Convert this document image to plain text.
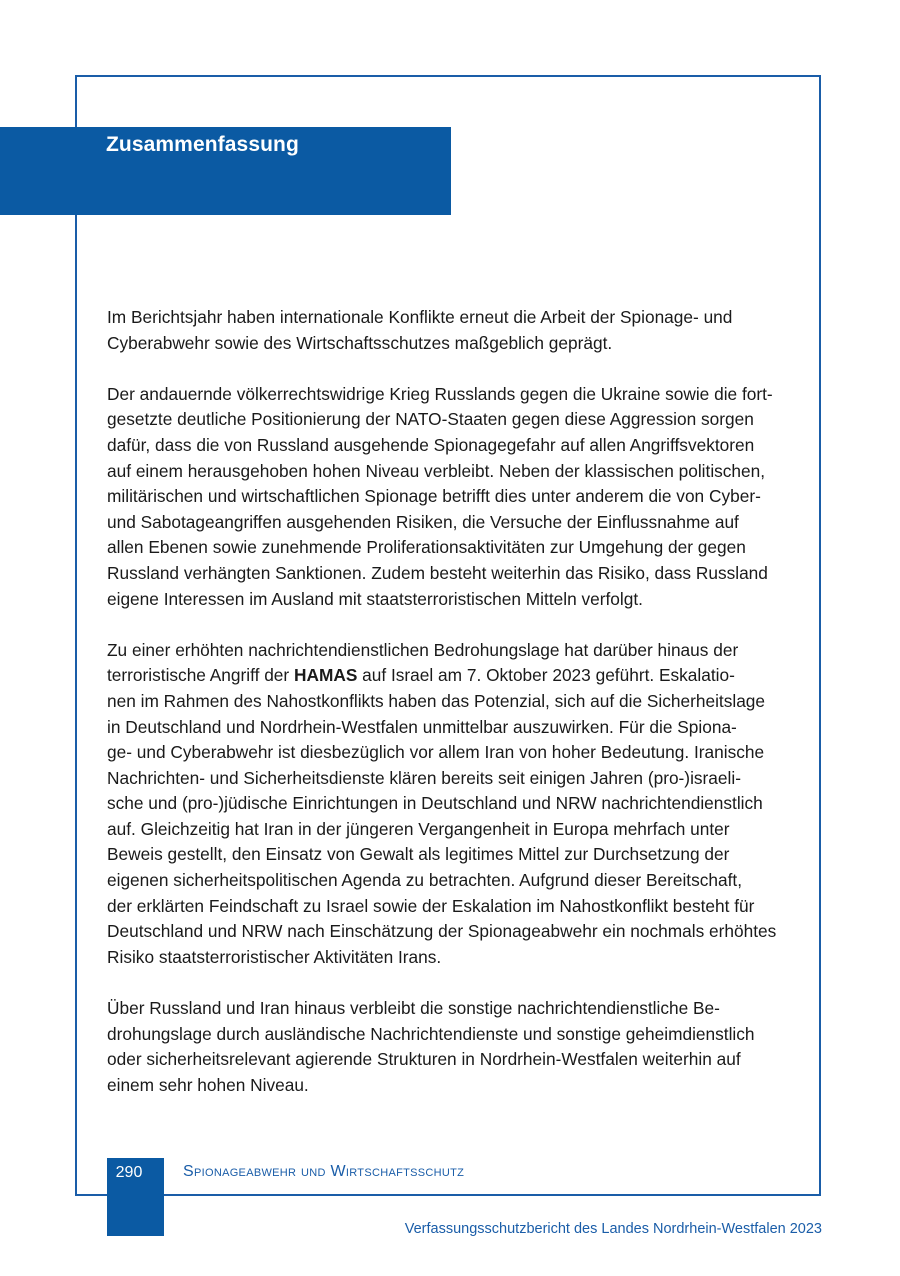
Zusammenfassung

Im Berichtsjahr haben internationale Konflikte erneut die Arbeit der Spionage- und
Cyberabwehr sowie des Wirtschaftsschutzes maßgeblich geprägt.

Der andauernde völkerrechtswidrige Krieg Russlands gegen die Ukraine sowie die fort-
gesetzte deutliche Positionierung der NATO-Staaten gegen diese Aggression sorgen
dafür, dass die von Russland ausgehende Spionagegefahr auf allen Angriffsvektoren
auf einem herausgehoben hohen Niveau verbleibt. Neben der klassischen politischen,
militärischen und wirtschaftlichen Spionage betrifft dies unter anderem die von Cyber-
und Sabotageangriffen ausgehenden Risiken, die Versuche der Einflussnahme auf
allen Ebenen sowie zunehmende Proliferationsaktivitäten zur Umgehung der gegen
Russland verhängten Sanktionen. Zudem besteht weiterhin das Risiko, dass Russland
eigene Interessen im Ausland mit staatsterroristischen Mitteln verfolgt.

Zu einer erhöhten nachrichtendienstlichen Bedrohungslage hat darüber hinaus der
terroristische Angriff der HAMAS auf Israel am 7. Oktober 2023 geführt. Eskalatio-
nen im Rahmen des Nahostkonflikts haben das Potenzial, sich auf die Sicherheitslage
in Deutschland und Nordrhein-Westfalen unmittelbar auszuwirken. Für die Spiona-
ge- und Cyberabwehr ist diesbezüglich vor allem Iran von hoher Bedeutung. Iranische
Nachrichten- und Sicherheitsdienste klären bereits seit einigen Jahren (pro-)israeli-
sche und (pro-)jüdische Einrichtungen in Deutschland und NRW nachrichtendienstlich
auf. Gleichzeitig hat Iran in der jüngeren Vergangenheit in Europa mehrfach unter
Beweis gestellt, den Einsatz von Gewalt als legitimes Mittel zur Durchsetzung der
eigenen sicherheitspolitischen Agenda zu betrachten. Aufgrund dieser Bereitschaft,
der erklärten Feindschaft zu Israel sowie der Eskalation im Nahostkonflikt besteht für
Deutschland und NRW nach Einschätzung der Spionageabwehr ein nochmals erhöhtes
Risiko staatsterroristischer Aktivitäten Irans.

Über Russland und Iran hinaus verbleibt die sonstige nachrichtendienstliche Be-
drohungslage durch ausländische Nachrichtendienste und sonstige geheimdienstlich
oder sicherheitsrelevant agierende Strukturen in Nordrhein-Westfalen weiterhin auf
einem sehr hohen Niveau.

290	Spionageabwehr und Wirtschaftsschutz
Verfassungsschutzbericht des Landes Nordrhein-Westfalen 2023
